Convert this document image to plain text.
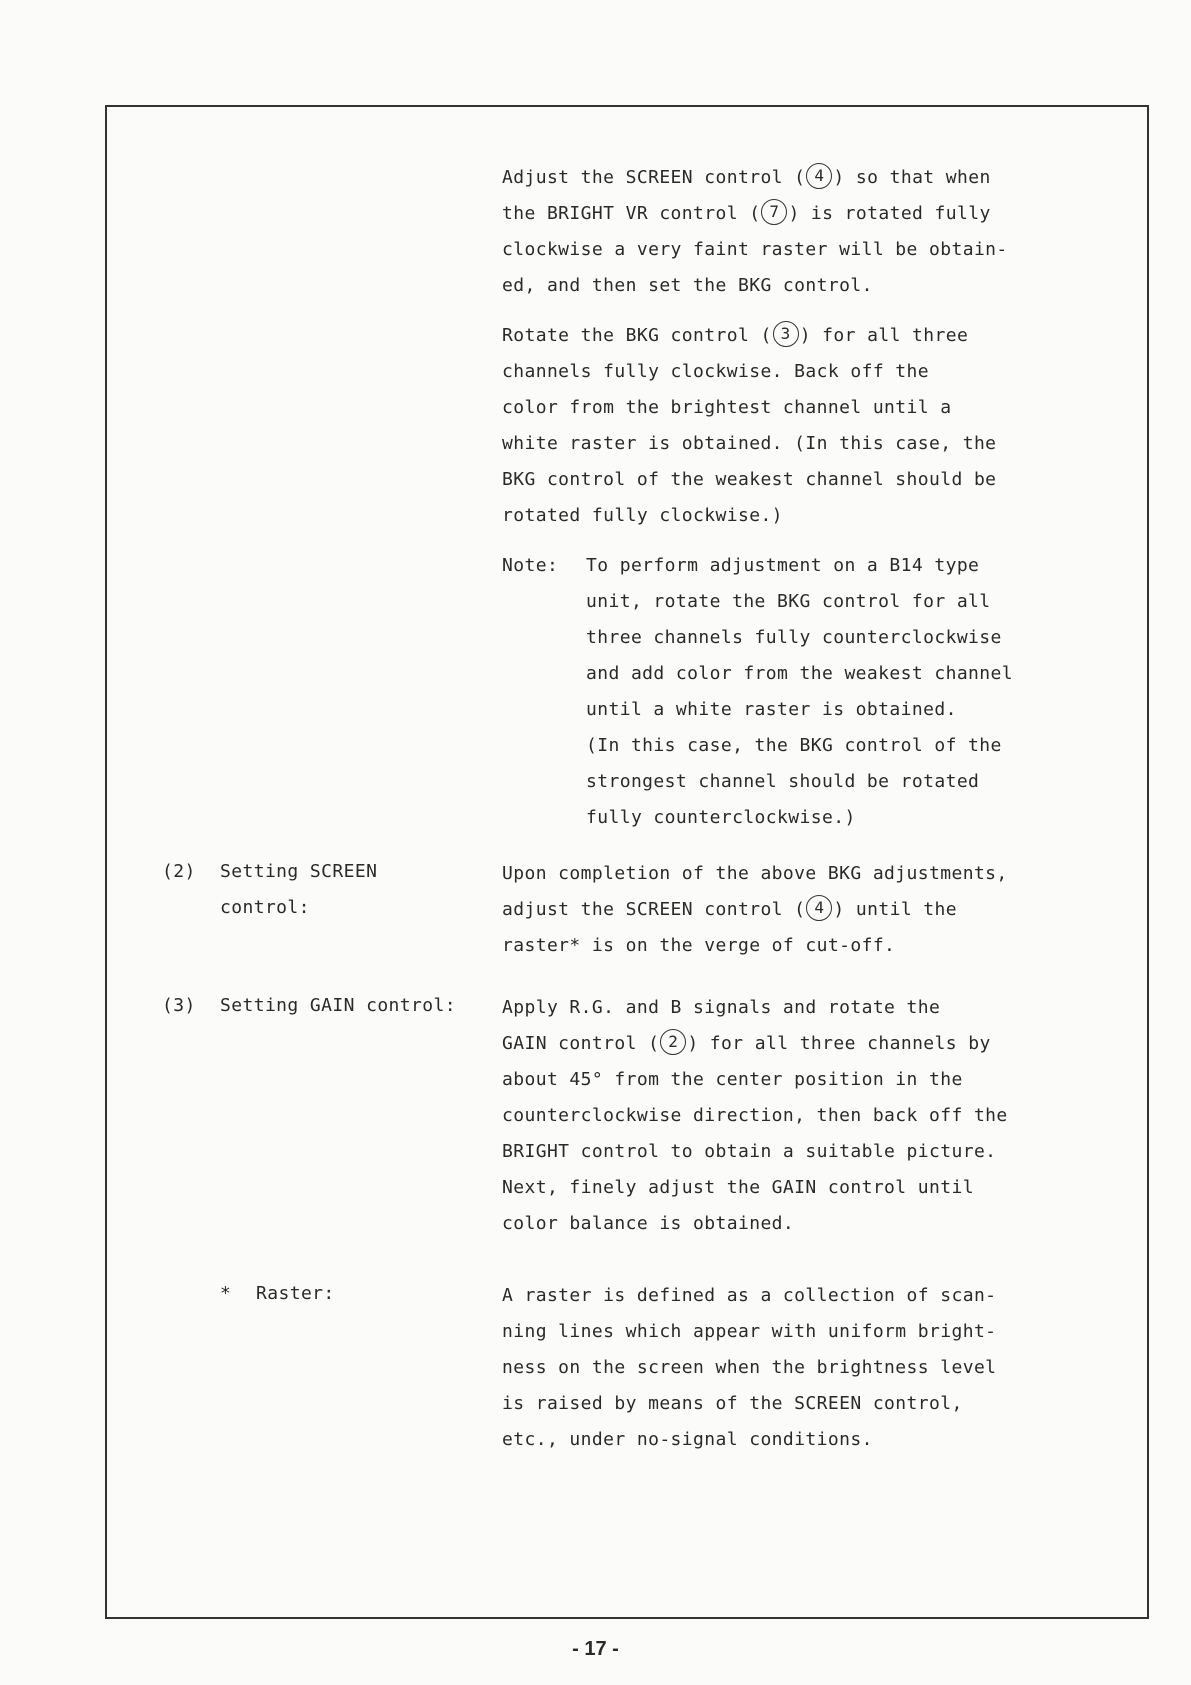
Adjust the SCREEN control ( 4 ) so that when
the BRIGHT VR control ( 7 ) is rotated fully
clockwise a very faint raster will be obtain-
ed, and then set the BKG control.
Rotate the BKG control ( 3 ) for all three
channels fully clockwise. Back off the
color from the brightest channel until a
white raster is obtained. (In this case, the
BKG control of the weakest channel should be
rotated fully clockwise.)
Note: To perform adjustment on a B14 type
unit, rotate the BKG control for all
three channels fully counterclockwise
and add color from the weakest channel
until a white raster is obtained.
(In this case, the BKG control of the
strongest channel should be rotated
fully counterclockwise.)
(2) Setting SCREEN
control:
Upon completion of the above BKG adjustments,
adjust the SCREEN control ( 4 ) until the
raster* is on the verge of cut-off.
(3) Setting GAIN control:	Apply R.G. and B signals and rotate the
GAIN control ( 2 ) for all three channels by
about 45° from the center position in the
counterclockwise direction, then back off the
BRIGHT control to obtain a suitable picture.
Next, finely adjust the GAIN control until
color balance is obtained.
* Raster:	A raster is defined as a collection of scan-
ning lines which appear with uniform bright-
ness on the screen when the brightness level
is raised by means of the SCREEN control,
etc., under no-signal conditions.
- 17 -
